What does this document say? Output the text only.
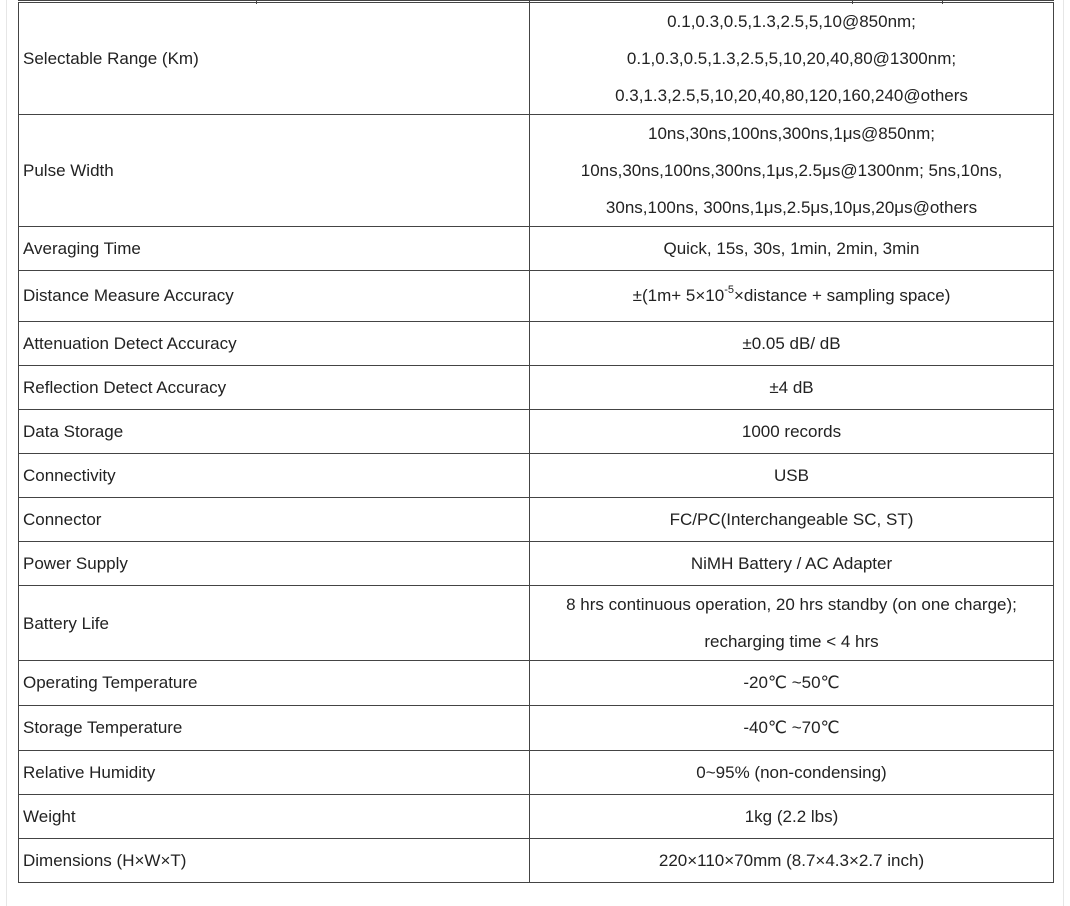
Selectable Range (Km)	0.1,0.3,0.5,1.3,2.5,5,10@850nm;
0.1,0.3,0.5,1.3,2.5,5,10,20,40,80@1300nm;
0.3,1.3,2.5,5,10,20,40,80,120,160,240@others

Pulse Width	10ns,30ns,100ns,300ns,1μs@850nm;
10ns,30ns,100ns,300ns,1μs,2.5μs@1300nm; 5ns,10ns,
30ns,100ns, 300ns,1μs,2.5μs,10μs,20μs@others

Averaging Time	Quick, 15s, 30s, 1min, 2min, 3min
Distance Measure Accuracy	$\pm(1m+ 5\times 10^{-5}\times distance$ + sampling space)
Attenuation Detect Accuracy	±0.05 dB/ dB
Reflection Detect Accuracy	±4 dB
Data Storage	1000 records
Connectivity	USB
Connector	FC/PC(Interchangeable SC, ST)
Power Supply	NiMH Battery / AC Adapter
Battery Life	8 hrs continuous operation, 20 hrs standby (on one charge);
recharging time < 4 hrs

Operating Temperature	-20℃ ~50℃
Storage Temperature	-40℃ ~70℃
Relative Humidity	0~95% (non-condensing)
Weight	1kg (2.2 lbs)
Dimensions (H×W×T)	220×110×70mm (8.7×4.3×2.7 inch)
